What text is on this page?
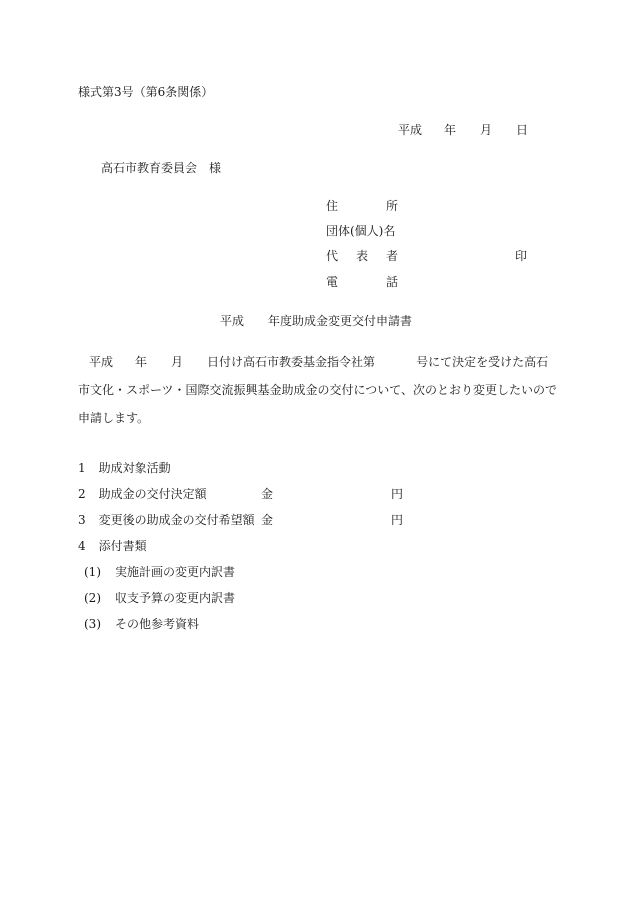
様式第3号（第6条関係）
平成 年 月 日
高石市教育委員会 様
住	所
団体(個人)名
代 表 者	印
電	話
平成 年度助成金変更交付申請書
平成 年 月 日付け高石市教委基金指令社第	号にて決定を受けた高石
市文化・スポーツ・国際交流振興基金助成金の交付について、次のとおり変更したいので
申請します。
1 助成対象活動
2 助成金の交付決定額	金	円
3 変更後の助成金の交付希望額 金	円
4 添付書類
(1) 実施計画の変更内訳書
(2) 収支予算の変更内訳書
(3) その他参考資料
